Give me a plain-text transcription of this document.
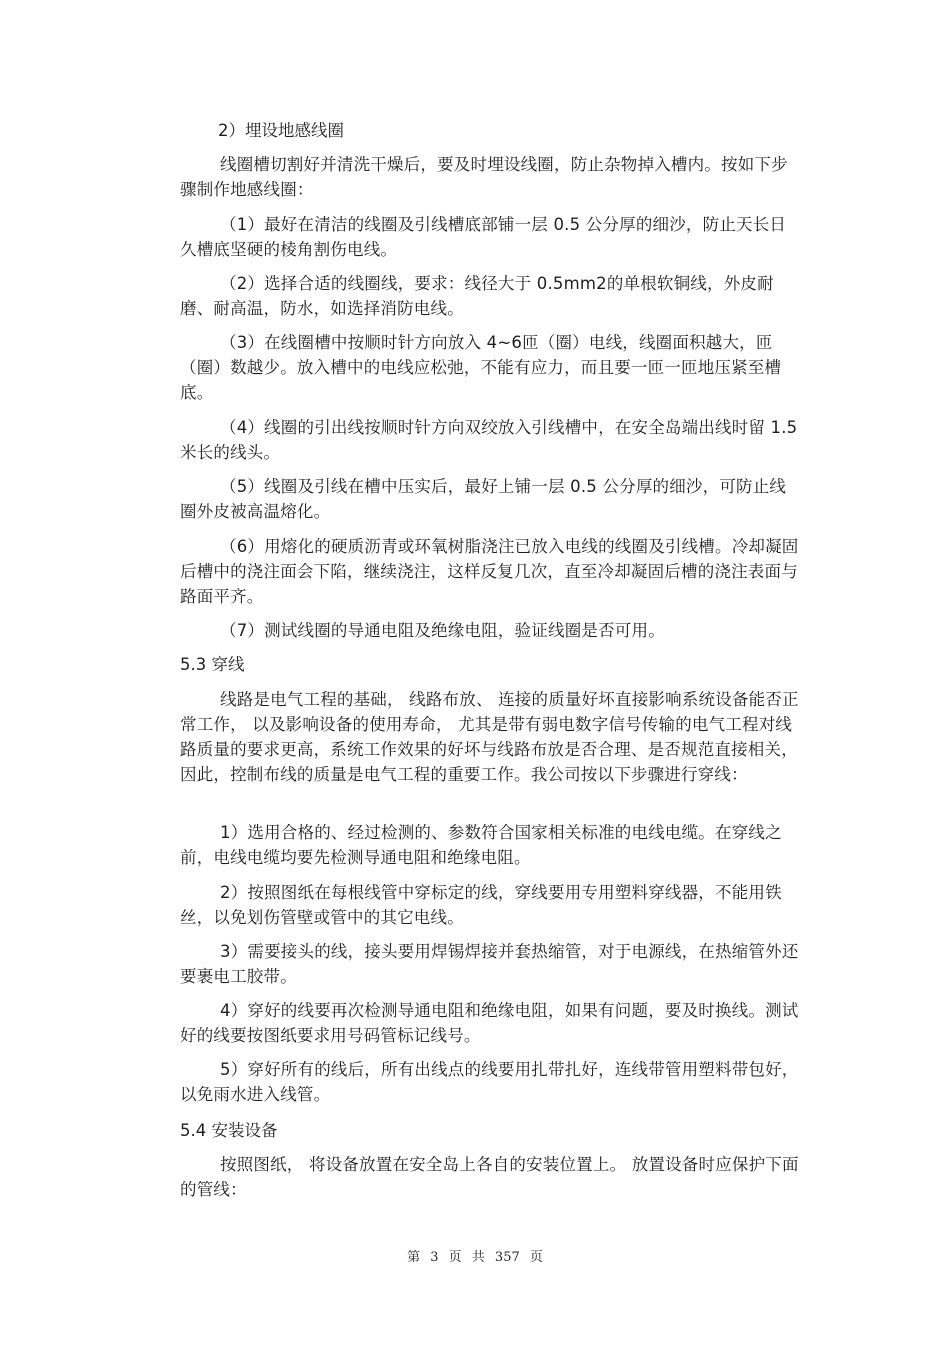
2）埋设地感线圈
线圈槽切割好并清洗干燥后，要及时埋设线圈，防止杂物掉入槽内。按如下步骤制作地感线圈：
（1）最好在清洁的线圈及引线槽底部铺一层 0.5 公分厚的细沙，防止天长日久槽底坚硬的棱角割伤电线。
（2）选择合适的线圈线，要求：线径大于 0.5mm2的单根软铜线，外皮耐磨、耐高温，防水，如选择消防电线。
（3）在线圈槽中按顺时针方向放入 4~6匝（圈）电线，线圈面积越大，匝（圈）数越少。放入槽中的电线应松弛，不能有应力，而且要一匝一匝地压紧至槽底。
（4）线圈的引出线按顺时针方向双绞放入引线槽中，在安全岛端出线时留 1.5 米长的线头。
（5）线圈及引线在槽中压实后，最好上铺一层 0.5 公分厚的细沙，可防止线圈外皮被高温熔化。
（6）用熔化的硬质沥青或环氧树脂浇注已放入电线的线圈及引线槽。冷却凝固后槽中的浇注面会下陷，继续浇注，这样反复几次，直至冷却凝固后槽的浇注表面与路面平齐。
（7）测试线圈的导通电阻及绝缘电阻，验证线圈是否可用。
5.3 穿线
线路是电气工程的基础， 线路布放、 连接的质量好坏直接影响系统设备能否正常工作， 以及影响设备的使用寿命， 尤其是带有弱电数字信号传输的电气工程对线路质量的要求更高，系统工作效果的好坏与线路布放是否合理、是否规范直接相关，因此，控制布线的质量是电气工程的重要工作。我公司按以下步骤进行穿线：
1）选用合格的、经过检测的、参数符合国家相关标准的电线电缆。在穿线之前，电线电缆均要先检测导通电阻和绝缘电阻。
2）按照图纸在每根线管中穿标定的线，穿线要用专用塑料穿线器，不能用铁丝，以免划伤管壁或管中的其它电线。
3）需要接头的线，接头要用焊锡焊接并套热缩管，对于电源线，在热缩管外还要裹电工胶带。
4）穿好的线要再次检测导通电阻和绝缘电阻，如果有问题，要及时换线。测试好的线要按图纸要求用号码管标记线号。
5）穿好所有的线后，所有出线点的线要用扎带扎好，连线带管用塑料带包好，以免雨水进入线管。
5.4 安装设备
按照图纸， 将设备放置在安全岛上各自的安装位置上。 放置设备时应保护下面的管线：
第 3 页 共 357 页
